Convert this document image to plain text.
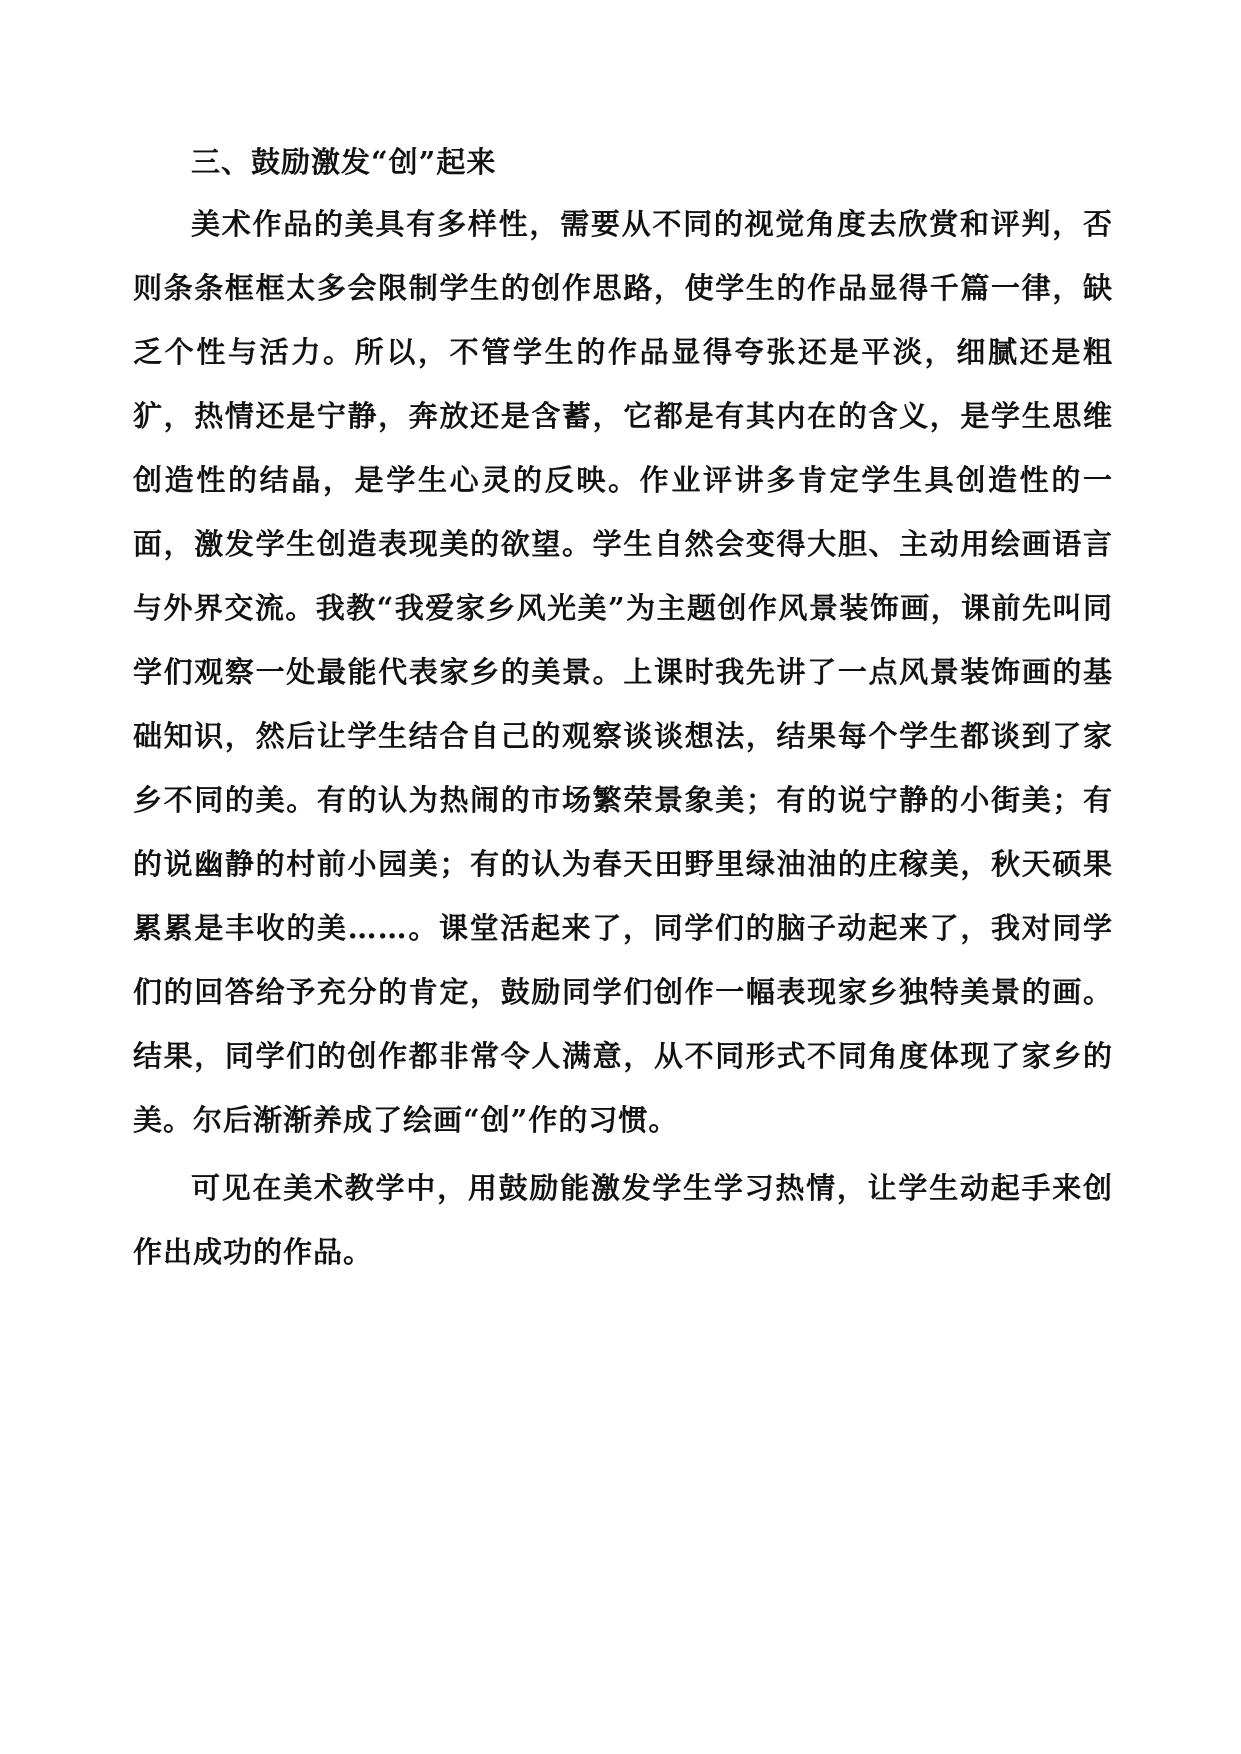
三、鼓励激发“创”起来

美术作品的美具有多样性，需要从不同的视觉角度去欣赏和评判，否则条条框框太多会限制学生的创作思路，使学生的作品显得千篇一律，缺乏个性与活力。所以，不管学生的作品显得夸张还是平淡，细腻还是粗犷，热情还是宁静，奔放还是含蓄，它都是有其内在的含义，是学生思维创造性的结晶，是学生心灵的反映。作业评讲多肯定学生具创造性的一面，激发学生创造表现美的欲望。学生自然会变得大胆、主动用绘画语言与外界交流。我教“我爱家乡风光美”为主题创作风景装饰画，课前先叫同学们观察一处最能代表家乡的美景。上课时我先讲了一点风景装饰画的基础知识，然后让学生结合自己的观察谈谈想法，结果每个学生都谈到了家乡不同的美。有的认为热闹的市场繁荣景象美；有的说宁静的小街美；有的说幽静的村前小园美；有的认为春天田野里绿油油的庄稼美，秋天硕果累累是丰收的美……。课堂活起来了，同学们的脑子动起来了，我对同学们的回答给予充分的肯定，鼓励同学们创作一幅表现家乡独特美景的画。结果，同学们的创作都非常令人满意，从不同形式不同角度体现了家乡的美。尔后渐渐养成了绘画“创”作的习惯。

可见在美术教学中，用鼓励能激发学生学习热情，让学生动起手来创作出成功的作品。
